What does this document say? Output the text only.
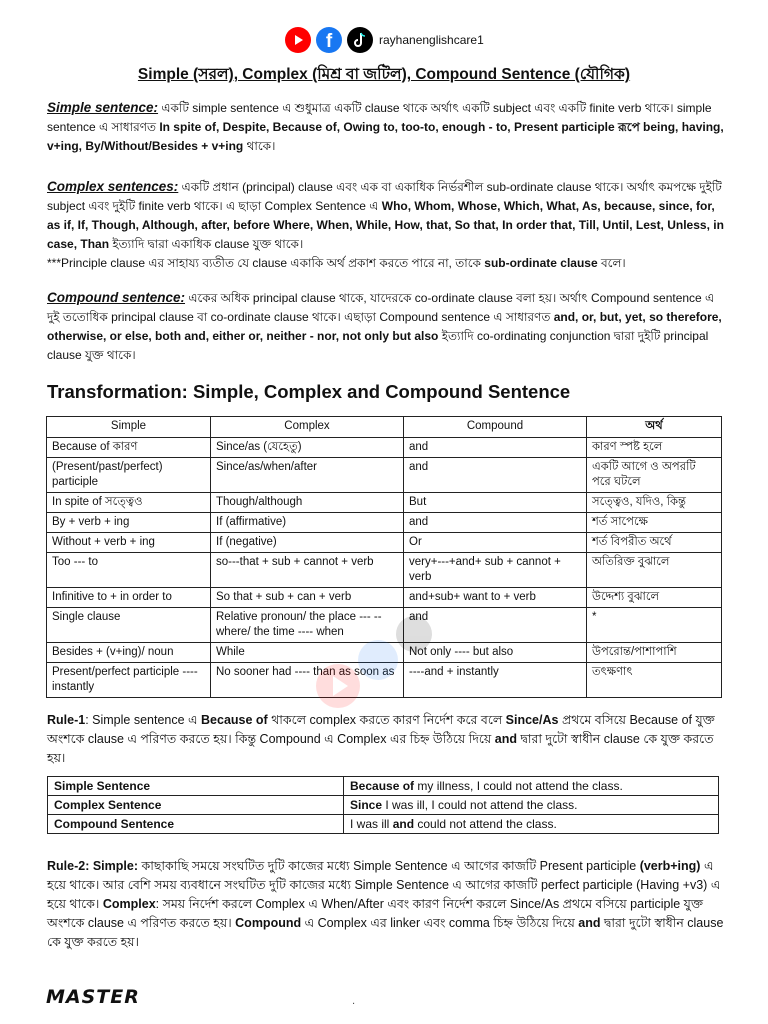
f	rayhanenglishcare1
Simple (সরল), Complex (মিশ্র বা জটিল), Compound Sentence (যৌগিক)
Simple sentence: একটি simple sentence এ শুধুমাত্র একটি clause থাকে অর্থাৎ একটি subject এবং একটি finite verb থাকে। simple sentence এ সাধারণত In spite of, Despite, Because of, Owing to, too-to, enough - to, Present participle রূপে being, having, v+ing, By/Without/Besides + v+ing থাকে।
Complex sentences: একটি প্রধান (principal) clause এবং এক বা একাধিক নির্ভরশীল sub-ordinate clause থাকে। অর্থাৎ কমপক্ষে দুইটি subject এবং দুইটি finite verb থাকে। এ ছাড়া Complex Sentence এ Who, Whom, Whose, Which, What, As, because, since, for, as if, If, Though, Although, after, before Where, When, While, How, that, So that, In order that, Till, Until, Lest, Unless, in case, Than ইত্যাদি দ্বারা একাধিক clause যুক্ত থাকে।
***Principle clause এর সাহায্য ব্যতীত যে clause একাকি অর্থ প্রকাশ করতে পারে না, তাকে sub-ordinate clause বলে।
Compound sentence: একের অধিক principal clause থাকে, যাদেরকে co-ordinate clause বলা হয়। অর্থাৎ Compound sentence এ দুই ততোধিক principal clause বা co-ordinate clause থাকে। এছাড়া Compound sentence এ সাধারণত and, or, but, yet, so therefore, otherwise, or else, both and, either or, neither - nor, not only but also ইত্যাদি co-ordinating conjunction দ্বারা দুইটি principal clause যুক্ত থাকে।
Transformation: Simple, Complex and Compound Sentence
Simple	Complex	Compound	অর্থ
Because of কারণ	Since/as (যেহেতু)	and	কারণ স্পষ্ট হলে
(Present/past/perfect) participle	Since/as/when/after	and	একটি আগে ও অপরটি পরে ঘটলে
In spite of সত্ত্বেও	Though/although	But	সত্ত্বেও, যদিও, কিন্তু
By + verb + ing	If (affirmative)	and	শর্ত সাপেক্ষে
Without + verb + ing	If (negative)	Or	শর্ত বিপরীত অর্থে
Too --- to	so---that + sub + cannot + verb	very+---+and+ sub + cannot + verb	অতিরিক্ত বুঝালে
Infinitive to + in order to	So that + sub + can + verb	and+sub+ want to + verb	উদ্দেশ্য বুঝালে
Single clause	Relative pronoun/ the place --- -- where/ the time ---- when	and	*
Besides + (v+ing)/ noun	While	Not only ---- but also	উপরোন্ত/পাশাপাশি
Present/perfect participle ----instantly	No sooner had ---- than as soon as	----and + instantly	তৎক্ষণাৎ
Rule-1: Simple sentence এ Because of থাকলে complex করতে কারণ নির্দেশ করে বলে Since/As প্রথমে বসিয়ে Because of যুক্ত অংশকে clause এ পরিণত করতে হয়। কিন্তু Compound এ Complex এর চিহ্ন উঠিয়ে দিয়ে and দ্বারা দুটো স্বাধীন clause কে যুক্ত করতে হয়।
Simple Sentence	Because of my illness, I could not attend the class.
Complex Sentence	Since I was ill, I could not attend the class.
Compound Sentence	I was ill and could not attend the class.
Rule-2: Simple: কাছাকাছি সময়ে সংঘটিত দুটি কাজের মধ্যে Simple Sentence এ আগের কাজটি Present participle (verb+ing) এ হয়ে থাকে। আর বেশি সময় ব্যবধানে সংঘটিত দুটি কাজের মধ্যে Simple Sentence এ আগের কাজটি perfect participle (Having +v3) এ হয়ে থাকে। Complex: সময় নির্দেশ করলে Complex এ When/After এবং কারণ নির্দেশ করলে Since/As প্রথমে বসিয়ে participle যুক্ত অংশকে clause এ পরিণত করতে হয়। Compound এ Complex এর linker এবং comma চিহ্ন উঠিয়ে দিয়ে and দ্বারা দুটো স্বাধীন clause কে যুক্ত করতে হয়।
MASTER	.
